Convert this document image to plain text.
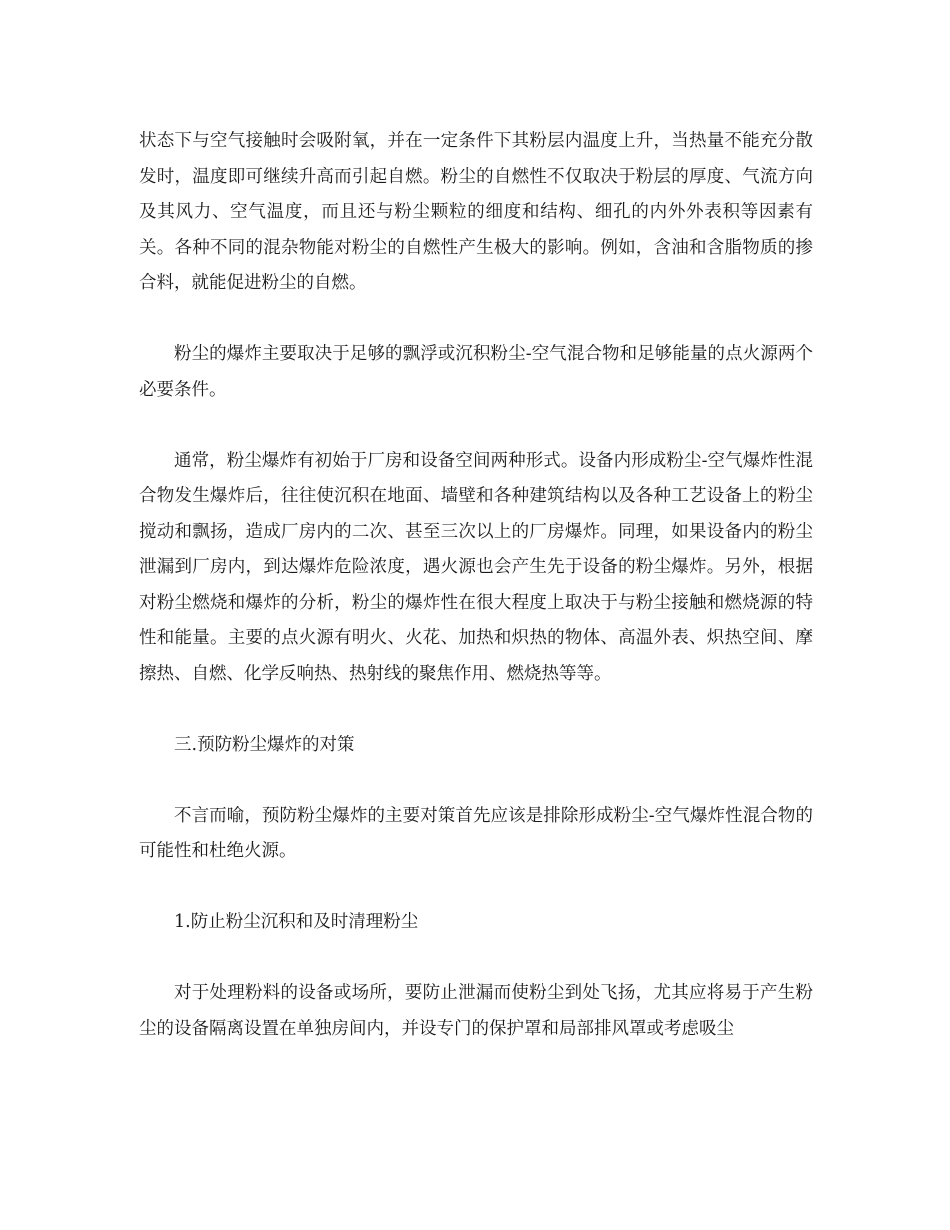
状态下与空气接触时会吸附氧，并在一定条件下其粉层内温度上升，当热量不能充分散发时，温度即可继续升高而引起自燃。粉尘的自燃性不仅取决于粉层的厚度、气流方向及其风力、空气温度，而且还与粉尘颗粒的细度和结构、细孔的内外外表积等因素有关。各种不同的混杂物能对粉尘的自燃性产生极大的影响。例如，含油和含脂物质的掺合料，就能促进粉尘的自燃。

粉尘的爆炸主要取决于足够的飘浮或沉积粉尘-空气混合物和足够能量的点火源两个必要条件。

通常，粉尘爆炸有初始于厂房和设备空间两种形式。设备内形成粉尘-空气爆炸性混合物发生爆炸后，往往使沉积在地面、墙壁和各种建筑结构以及各种工艺设备上的粉尘搅动和飘扬，造成厂房内的二次、甚至三次以上的厂房爆炸。同理，如果设备内的粉尘泄漏到厂房内，到达爆炸危险浓度，遇火源也会产生先于设备的粉尘爆炸。另外，根据对粉尘燃烧和爆炸的分析，粉尘的爆炸性在很大程度上取决于与粉尘接触和燃烧源的特性和能量。主要的点火源有明火、火花、加热和炽热的物体、高温外表、炽热空间、摩擦热、自燃、化学反响热、热射线的聚焦作用、燃烧热等等。

三.预防粉尘爆炸的对策

不言而喻，预防粉尘爆炸的主要对策首先应该是排除形成粉尘-空气爆炸性混合物的可能性和杜绝火源。

1.防止粉尘沉积和及时清理粉尘

对于处理粉料的设备或场所，要防止泄漏而使粉尘到处飞扬，尤其应将易于产生粉尘的设备隔离设置在单独房间内，并设专门的保护罩和局部排风罩或考虑吸尘
